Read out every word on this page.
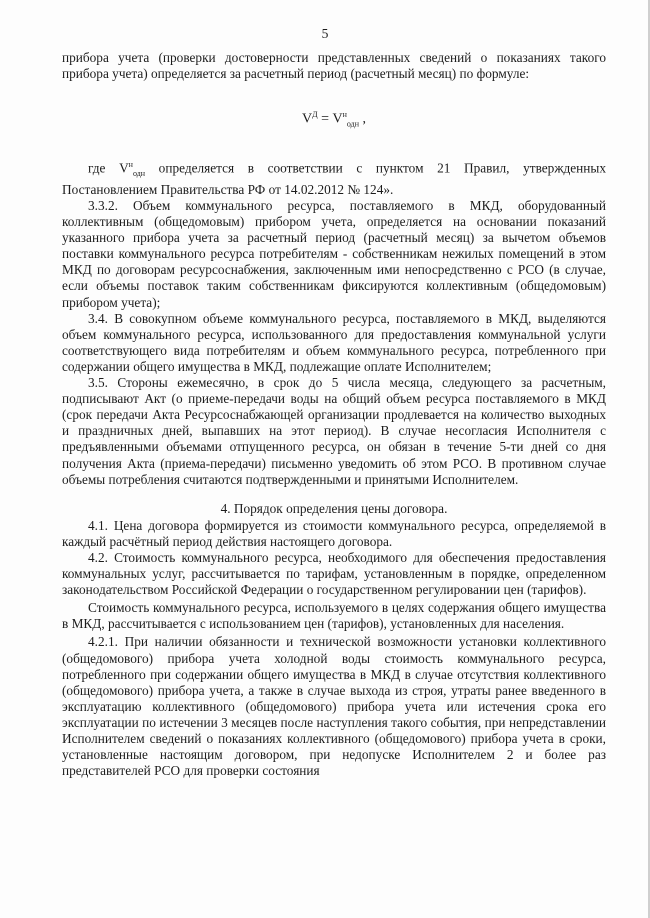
5

прибора учета (проверки достоверности представленных сведений о показаниях такого прибора учета) определяется за расчетный период (расчетный месяц) по формуле:

$V^Д = V^н_{одн}$ ,

где $V^н_{одн}$ определяется в соответствии с пунктом 21 Правил, утвержденных Постановлением Правительства РФ от 14.02.2012 № 124».

3.3.2. Объем коммунального ресурса, поставляемого в МКД, оборудованный коллективным (общедомовым) прибором учета, определяется на основании показаний указанного прибора учета за расчетный период (расчетный месяц) за вычетом объемов поставки коммунального ресурса потребителям - собственникам нежилых помещений в этом МКД по договорам ресурсоснабжения, заключенным ими непосредственно с РСО (в случае, если объемы поставок таким собственникам фиксируются коллективным (общедомовым) прибором учета);

3.4. В совокупном объеме коммунального ресурса, поставляемого в МКД, выделяются объем коммунального ресурса, использованного для предоставления коммунальной услуги соответствующего вида потребителям и объем коммунального ресурса, потребленного при содержании общего имущества в МКД, подлежащие оплате Исполнителем;

3.5. Стороны ежемесячно, в срок до 5 числа месяца, следующего за расчетным, подписывают Акт (о приеме-передачи воды на общий объем ресурса поставляемого в МКД (срок передачи Акта Ресурсоснабжающей организации продлевается на количество выходных и праздничных дней, выпавших на этот период). В случае несогласия Исполнителя с предъявленными объемами отпущенного ресурса, он обязан в течение 5-ти дней со дня получения Акта (приема-передачи) письменно уведомить об этом РСО. В противном случае объемы потребления считаются подтвержденными и принятыми Исполнителем.

4. Порядок определения цены договора.

4.1. Цена договора формируется из стоимости коммунального ресурса, определяемой в каждый расчётный период действия настоящего договора.

4.2. Стоимость коммунального ресурса, необходимого для обеспечения предоставления коммунальных услуг, рассчитывается по тарифам, установленным в порядке, определенном законодательством Российской Федерации о государственном регулировании цен (тарифов).

Стоимость коммунального ресурса, используемого в целях содержания общего имущества в МКД, рассчитывается с использованием цен (тарифов), установленных для населения.

4.2.1. При наличии обязанности и технической возможности установки коллективного (общедомового) прибора учета холодной воды стоимость коммунального ресурса, потребленного при содержании общего имущества в МКД в случае отсутствия коллективного (общедомового) прибора учета, а также в случае выхода из строя, утраты ранее введенного в эксплуатацию коллективного (общедомового) прибора учета или истечения срока его эксплуатации по истечении 3 месяцев после наступления такого события, при непредставлении Исполнителем сведений о показаниях коллективного (общедомового) прибора учета в сроки, установленные настоящим договором, при недопуске Исполнителем 2 и более раз представителей РСО для проверки состояния
